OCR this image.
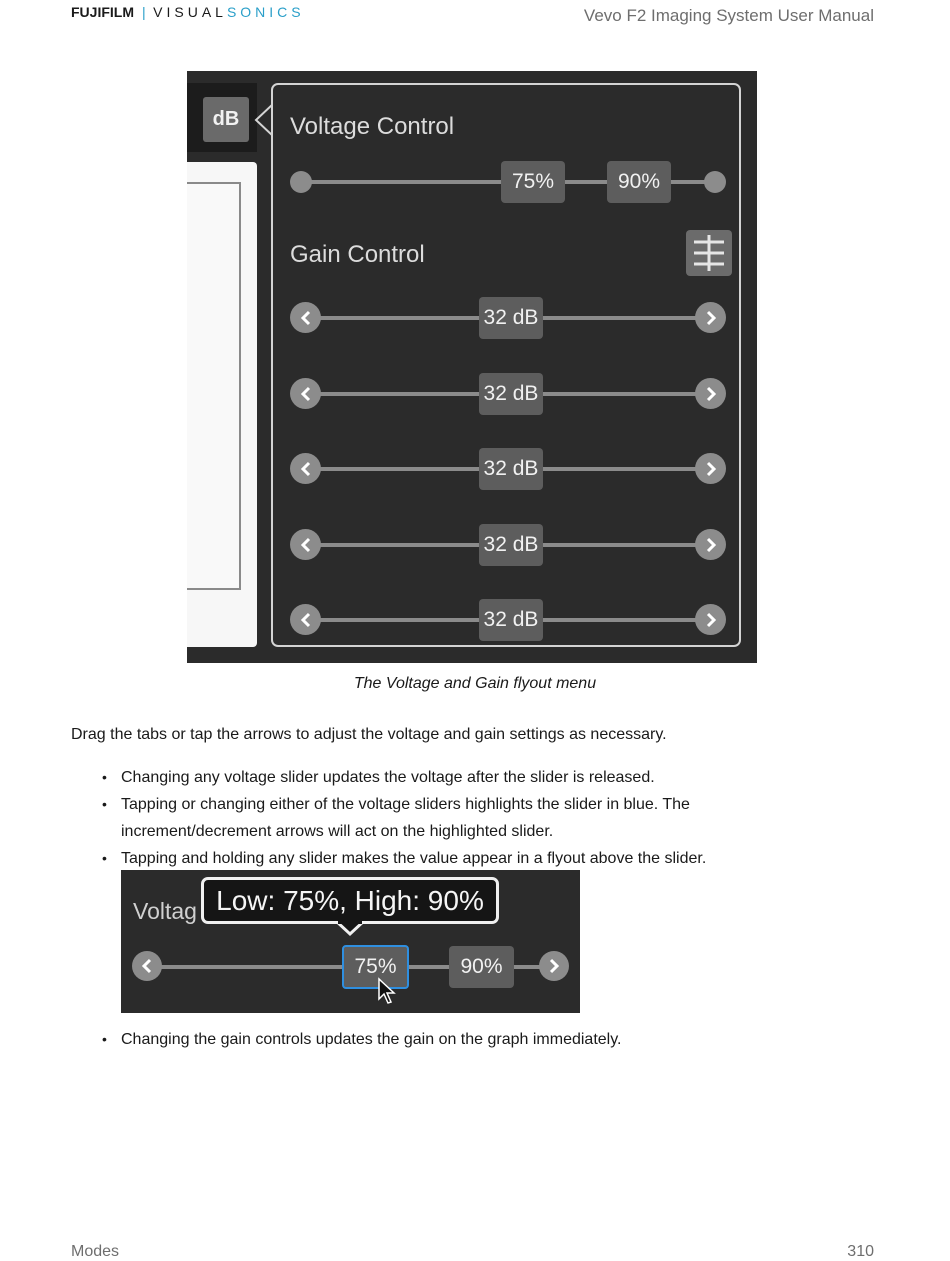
FUJIFILM | VISUALSONICS	Vevo F2 Imaging System User Manual
dB	Voltage Control
75%	90%
Gain Control
32 dB
32 dB
32 dB
32 dB
32 dB
The Voltage and Gain flyout menu
Drag the tabs or tap the arrows to adjust the voltage and gain settings as necessary.
• Changing any voltage slider updates the voltage after the slider is released.
• Tapping or changing either of the voltage sliders highlights the slider in blue. The increment/decrement arrows will act on the highlighted slider.
• Tapping and holding any slider makes the value appear in a flyout above the slider.
Voltag Low: 75%, High: 90%
75%	90%
• Changing the gain controls updates the gain on the graph immediately.
Modes	310
